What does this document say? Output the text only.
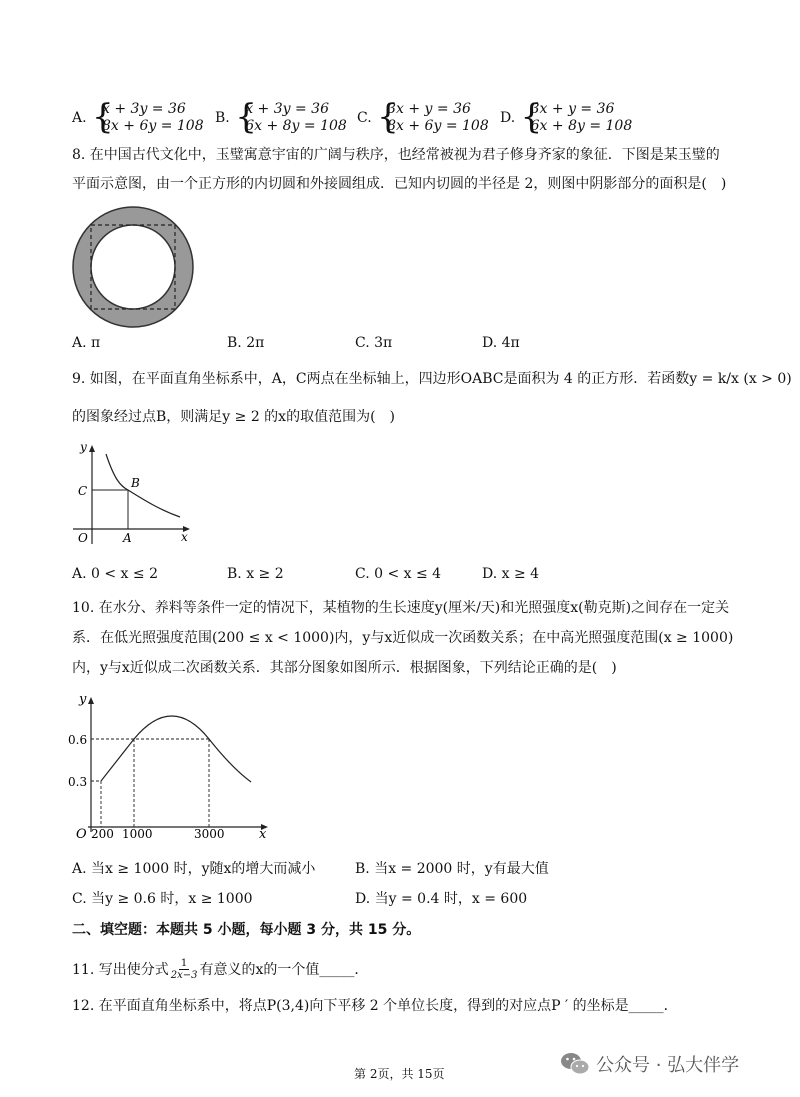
A.
{ x + 3y = 36
8x + 6y = 108 B.
{ x + 3y = 36
6x + 8y = 108 C.
{ 3x + y = 36
8x + 6y = 108 D.
{ 3x + y = 36
6x + 8y = 108
8. 在中国古代文化中，玉璧寓意宇宙的广阔与秩序，也经常被视为君子修身齐家的象征．下图是某玉璧的
平面示意图，由一个正方形的内切圆和外接圆组成．已知内切圆的半径是 2，则图中阴影部分的面积是(　)
A. π	B. 2π	C. 3π	D. 4π
9. 如图，在平面直角坐标系中，A，C两点在坐标轴上，四边形OABC是面积为 4 的正方形．若函数y = k/x (x > 0)
的图象经过点B，则满足y ≥ 2 的x的取值范围为(　)
y
x
O	A
B
C
A. 0 < x ≤ 2	B. x ≥ 2	C. 0 < x ≤ 4	D. x ≥ 4
10. 在水分、养料等条件一定的情况下，某植物的生长速度y(厘米/天)和光照强度x(勒克斯)之间存在一定关
系．在低光照强度范围(200 ≤ x < 1000)内，y与x近似成一次函数关系；在中高光照强度范围(x ≥ 1000)
内，y与x近似成二次函数关系．其部分图象如图所示．根据图象，下列结论正确的是(　)
y
x
O
0.6
0.3
200 1000	3000
A. 当x ≥ 1000 时，y随x的增大而减小	B. 当x = 2000 时，y有最大值
C. 当y ≥ 0.6 时，x ≥ 1000	D. 当y = 0.4 时，x = 600
二、填空题：本题共 5 小题，每小题 3 分，共 15 分。
11. 写出使分式 $\frac{1}{2x-3}$ 有意义的x的一个值_____．
12. 在平面直角坐标系中，将点P(3,4)向下平移 2 个单位长度，得到的对应点P ′ 的坐标是_____．
第 2页，共 15页	公众号 · 弘大伴学
